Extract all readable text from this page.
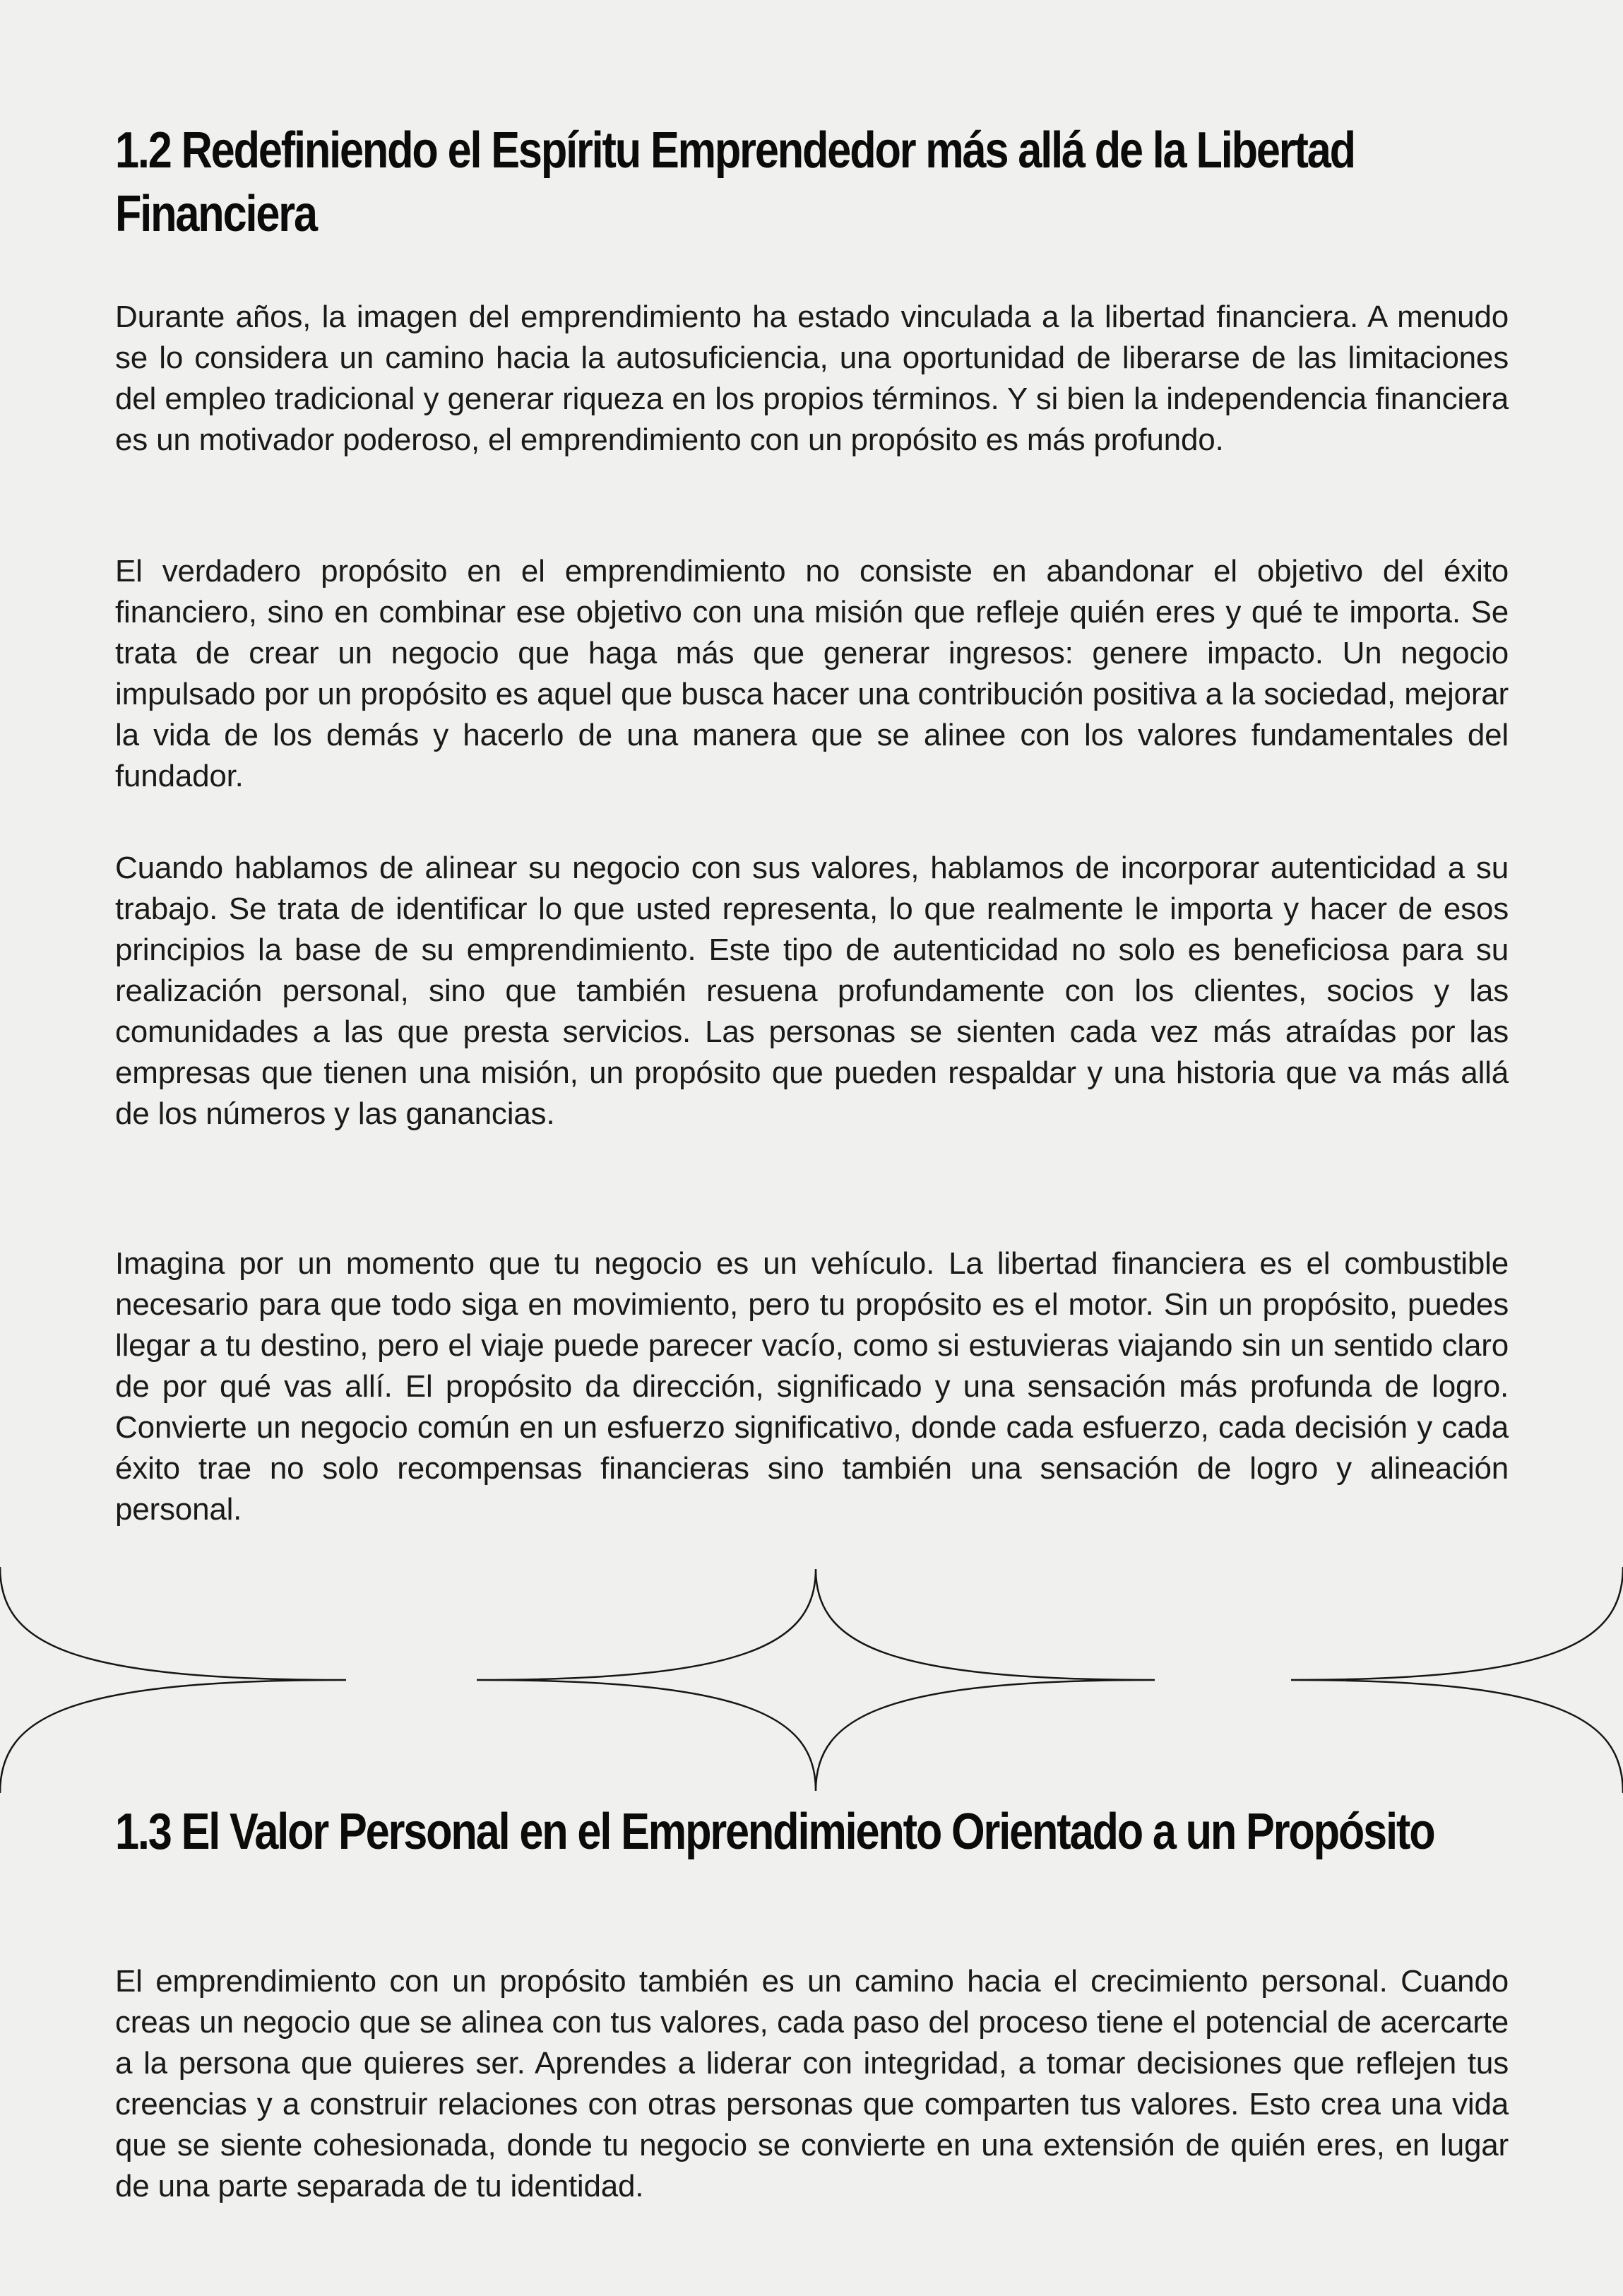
1.2 Redefiniendo el Espíritu Emprendedor más allá de la Libertad Financiera

Durante años, la imagen del emprendimiento ha estado vinculada a la libertad financiera. A menudo se lo considera un camino hacia la autosuficiencia, una oportunidad de liberarse de las limitaciones del empleo tradicional y generar riqueza en los propios términos. Y si bien la independencia financiera es un motivador poderoso, el emprendimiento con un propósito es más profundo.

El verdadero propósito en el emprendimiento no consiste en abandonar el objetivo del éxito financiero, sino en combinar ese objetivo con una misión que refleje quién eres y qué te importa. Se trata de crear un negocio que haga más que generar ingresos: genere impacto. Un negocio impulsado por un propósito es aquel que busca hacer una contribución positiva a la sociedad, mejorar la vida de los demás y hacerlo de una manera que se alinee con los valores fundamentales del fundador.

Cuando hablamos de alinear su negocio con sus valores, hablamos de incorporar autenticidad a su trabajo. Se trata de identificar lo que usted representa, lo que realmente le importa y hacer de esos principios la base de su emprendimiento. Este tipo de autenticidad no solo es beneficiosa para su realización personal, sino que también resuena profundamente con los clientes, socios y las comunidades a las que presta servicios. Las personas se sienten cada vez más atraídas por las empresas que tienen una misión, un propósito que pueden respaldar y una historia que va más allá de los números y las ganancias.

Imagina por un momento que tu negocio es un vehículo. La libertad financiera es el combustible necesario para que todo siga en movimiento, pero tu propósito es el motor. Sin un propósito, puedes llegar a tu destino, pero el viaje puede parecer vacío, como si estuvieras viajando sin un sentido claro de por qué vas allí. El propósito da dirección, significado y una sensación más profunda de logro. Convierte un negocio común en un esfuerzo significativo, donde cada esfuerzo, cada decisión y cada éxito trae no solo recompensas financieras sino también una sensación de logro y alineación personal.

1.3 El Valor Personal en el Emprendimiento Orientado a un Propósito

El emprendimiento con un propósito también es un camino hacia el crecimiento personal. Cuando creas un negocio que se alinea con tus valores, cada paso del proceso tiene el potencial de acercarte a la persona que quieres ser. Aprendes a liderar con integridad, a tomar decisiones que reflejen tus creencias y a construir relaciones con otras personas que comparten tus valores. Esto crea una vida que se siente cohesionada, donde tu negocio se convierte en una extensión de quién eres, en lugar de una parte separada de tu identidad.
